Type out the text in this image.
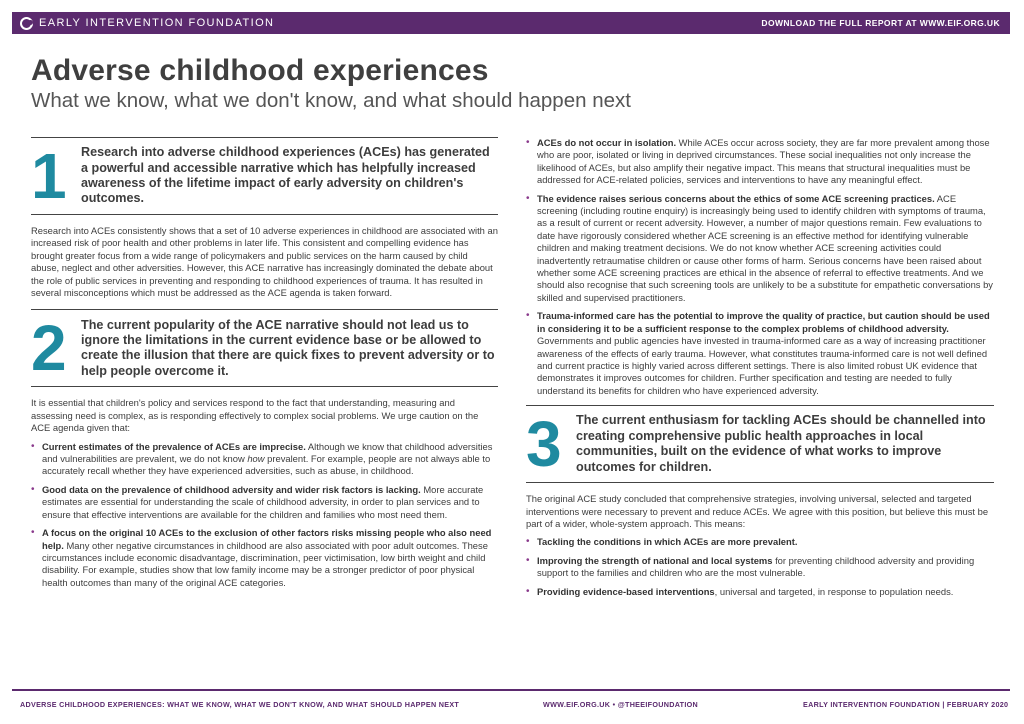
EARLY INTERVENTION FOUNDATION	DOWNLOAD THE FULL REPORT AT WWW.EIF.ORG.UK
Adverse childhood experiences
What we know, what we don't know, and what should happen next
1	Research into adverse childhood experiences (ACEs) has generated a powerful and accessible narrative which has helpfully increased awareness of the lifetime impact of early adversity on children's outcomes.

Research into ACEs consistently shows that a set of 10 adverse experiences in childhood are associated with an increased risk of poor health and other problems in later life. This consistent and compelling evidence has brought greater focus from a wide range of policymakers and public services on the harm caused by child abuse, neglect and other adversities. However, this ACE narrative has increasingly dominated the debate about the role of public services in preventing and responding to childhood experiences of trauma. It has resulted in several misconceptions which must be addressed as the ACE agenda is taken forward.

2	The current popularity of the ACE narrative should not lead us to ignore the limitations in the current evidence base or be allowed to create the illusion that there are quick fixes to prevent adversity or to help people overcome it.

It is essential that children's policy and services respond to the fact that understanding, measuring and assessing need is complex, as is responding effectively to complex social problems. We urge caution on the ACE agenda given that:

• Current estimates of the prevalence of ACEs are imprecise. Although we know that childhood adversities and vulnerabilities are prevalent, we do not know how prevalent. For example, people are not always able to accurately recall whether they have experienced adversities, such as abuse, in childhood.
• Good data on the prevalence of childhood adversity and wider risk factors is lacking. More accurate estimates are essential for understanding the scale of childhood adversity, in order to plan services and to ensure that effective interventions are available for the children and families who most need them.
• A focus on the original 10 ACEs to the exclusion of other factors risks missing people who also need help. Many other negative circumstances in childhood are also associated with poor adult outcomes. These circumstances include economic disadvantage, discrimination, peer victimisation, low birth weight and child disability. For example, studies show that low family income may be a stronger predictor of poor physical health outcomes than many of the original ACE categories.
• ACEs do not occur in isolation. While ACEs occur across society, they are far more prevalent among those who are poor, isolated or living in deprived circumstances. These social inequalities not only increase the likelihood of ACEs, but also amplify their negative impact. This means that structural inequalities must be addressed for ACE-related policies, services and interventions to have any meaningful effect.
• The evidence raises serious concerns about the ethics of some ACE screening practices. ACE screening (including routine enquiry) is increasingly being used to identify children with symptoms of trauma, as a result of current or recent adversity. However, a number of major questions remain. Few evaluations to date have rigorously considered whether ACE screening is an effective method for identifying vulnerable children and making treatment decisions. We do not know whether ACE screening activities could inadvertently retraumatise children or cause other forms of harm. Serious concerns have been raised about whether some ACE screening practices are ethical in the absence of referral to effective treatments. And we should also recognise that such screening tools are unlikely to be a substitute for empathetic conversations by skilled and supervised practitioners.
• Trauma-informed care has the potential to improve the quality of practice, but caution should be used in considering it to be a sufficient response to the complex problems of childhood adversity. Governments and public agencies have invested in trauma-informed care as a way of increasing practitioner awareness of the effects of early trauma. However, what constitutes trauma-informed care is not well defined and current practice is highly varied across different settings. There is also limited robust UK evidence that demonstrates it improves outcomes for children. Further specification and testing are needed to fully understand its benefits for children who have experienced adversity.
3	The current enthusiasm for tackling ACEs should be channelled into creating comprehensive public health approaches in local communities, built on the evidence of what works to improve outcomes for children.

The original ACE study concluded that comprehensive strategies, involving universal, selected and targeted interventions were necessary to prevent and reduce ACEs. We agree with this position, but believe this must be part of a wider, whole-system approach. This means:

• Tackling the conditions in which ACEs are more prevalent.
• Improving the strength of national and local systems for preventing childhood adversity and providing support to the families and children who are the most vulnerable.
• Providing evidence-based interventions, universal and targeted, in response to population needs.
ADVERSE CHILDHOOD EXPERIENCES: WHAT WE KNOW, WHAT WE DON'T KNOW, AND WHAT SHOULD HAPPEN NEXT	WWW.EIF.ORG.UK • @THEEIFOUNDATION	EARLY INTERVENTION FOUNDATION | FEBRUARY 2020
